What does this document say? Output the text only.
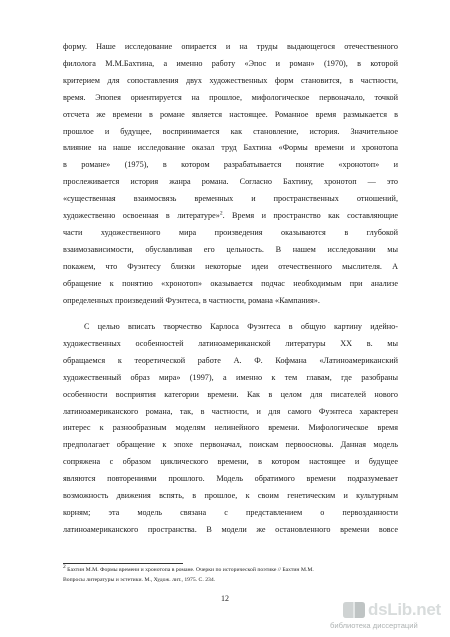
форму. Наше исследование опирается и на труды выдающегося отечественного
филолога М.М.Бахтина, а именно работу «Эпос и роман» (1970), в которой
критерием для сопоставления двух художественных форм становится, в частности,
время. Эпопея ориентируется на прошлое, мифологическое первоначало, точкой
отсчета же времени в романе является настоящее. Романное время размыкается в
прошлое и будущее, воспринимается как становление, история. Значительное
влияние на наше исследование оказал труд Бахтина «Формы времени и хронотопа
в романе» (1975), в котором разрабатывается понятие «хронотоп» и
прослеживается история жанра романа. Согласно Бахтину, хронотоп — это
«существенная взаимосвязь временных и пространственных отношений,
художественно освоенная в литературе»$^2$. Время и пространство как составляющие
части художественного мира произведения оказываются в глубокой
взаимозависимости, обуславливая его цельность. В нашем исследовании мы
покажем, что Фуэнтесу близки некоторые идеи отечественного мыслителя. А
обращение к понятию «хронотоп» оказывается подчас необходимым при анализе
определенных произведений Фуэнтеса, в частности, романа «Кампания».
С целью вписать творчество Карлоса Фуэнтеса в общую картину идейно-
художественных особенностей латиноамериканской литературы XX в. мы
обращаемся к теоретической работе А. Ф. Кофмана «Латиноамериканский
художественный образ мира» (1997), а именно к тем главам, где разобраны
особенности восприятия категории времени. Как в целом для писателей нового
латиноамериканского романа, так, в частности, и для самого Фуэнтеса характерен
интерес к разнообразным моделям нелинейного времени. Мифологическое время
предполагает обращение к эпохе первоначал, поискам первоосновы. Данная модель
сопряжена с образом циклического времени, в котором настоящее и будущее
являются повторениями прошлого. Модель обратимого времени подразумевает
возможность движения вспять, в прошлое, к своим генетическим и культурным
корням; эта модель связана с представлением о первозданности
латиноамериканского пространства. В модели же остановленного времени вовсе
$^2$ Бахтин М.М. Формы времени и хронотопа в романе. Очерки по исторической поэтике // Бахтин М.М.
Вопросы литературы и эстетики. М., Худож. лит., 1975. С. 234.
12
dsLib.net
библиотека диссертаций
